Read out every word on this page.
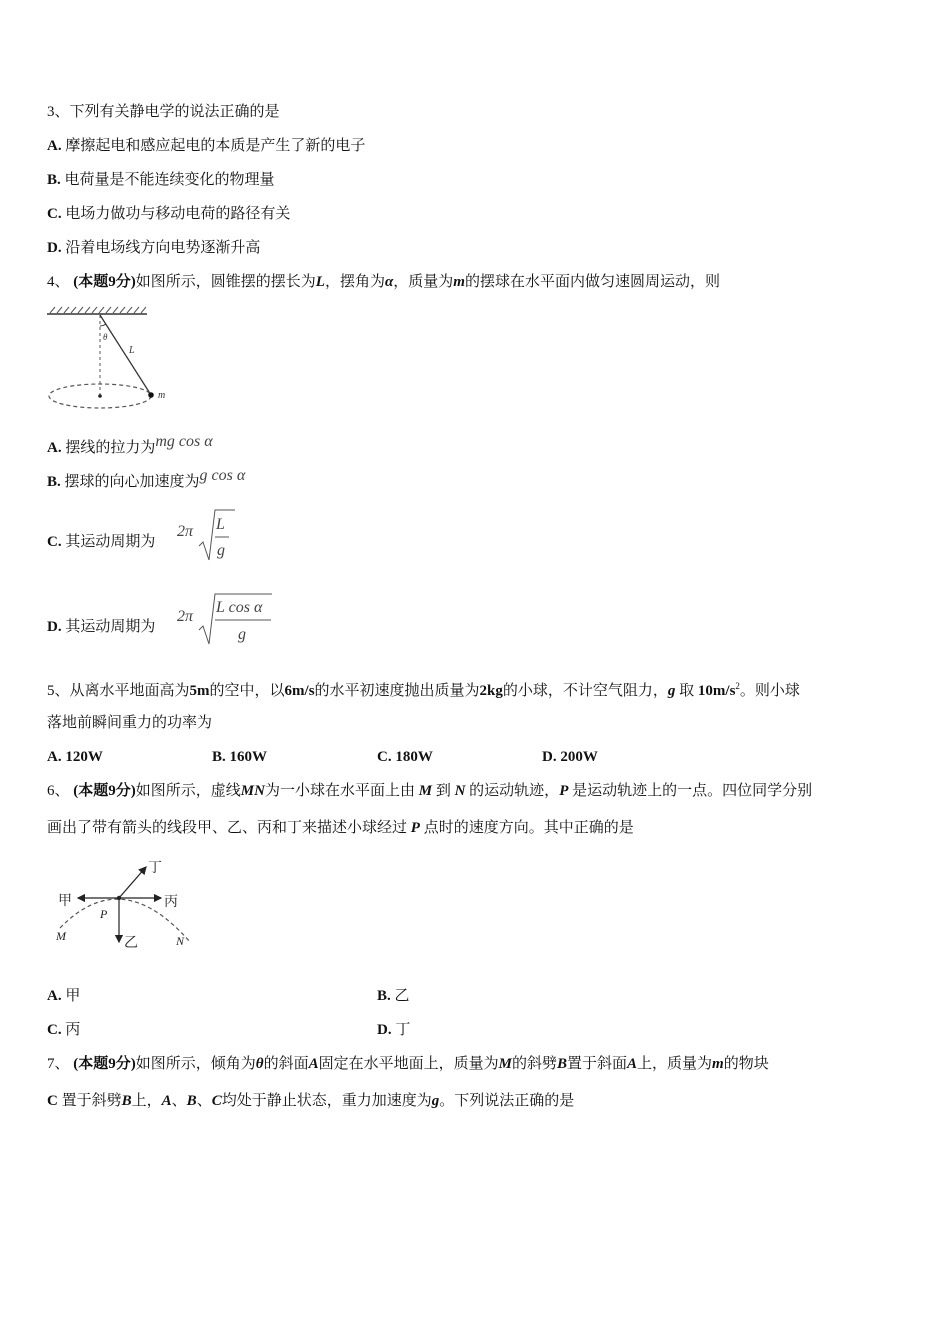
3、下列有关静电学的说法正确的是
A. 摩擦起电和感应起电的本质是产生了新的电子
B. 电荷量是不能连续变化的物理量
C. 电场力做功与移动电荷的路径有关
D. 沿着电场线方向电势逐渐升高
4、 (本题9分)如图所示，圆锥摆的摆长为L，摆角为α，质量为m的摆球在水平面内做匀速圆周运动，则
θ
L
m
A. 摆线的拉力为mg cos α
B. 摆球的向心加速度为g cos α
C. 其运动周期为
2π L
g
D. 其运动周期为
2π
L cos α
g
5、从离水平地面高为5m的空中，以6m/s的水平初速度抛出质量为2kg的小球，不计空气阻力，g 取 $10m/s^2$。则小球
落地前瞬间重力的功率为
A. 120W	B. 160W	C. 180W	D. 200W
6、 (本题9分)如图所示，虚线MN为一小球在水平面上由 M 到 N 的运动轨迹，P 是运动轨迹上的一点。四位同学分别
画出了带有箭头的线段甲、乙、丙和丁来描述小球经过 P 点时的速度方向。其中正确的是
甲	丙
乙
丁
P
M	N
A. 甲	B. 乙
C. 丙	D. 丁
7、 (本题9分)如图所示，倾角为θ的斜面A固定在水平地面上，质量为M的斜劈B置于斜面A上，质量为m的物块
C 置于斜劈B上，A、B、C均处于静止状态，重力加速度为g。下列说法正确的是
